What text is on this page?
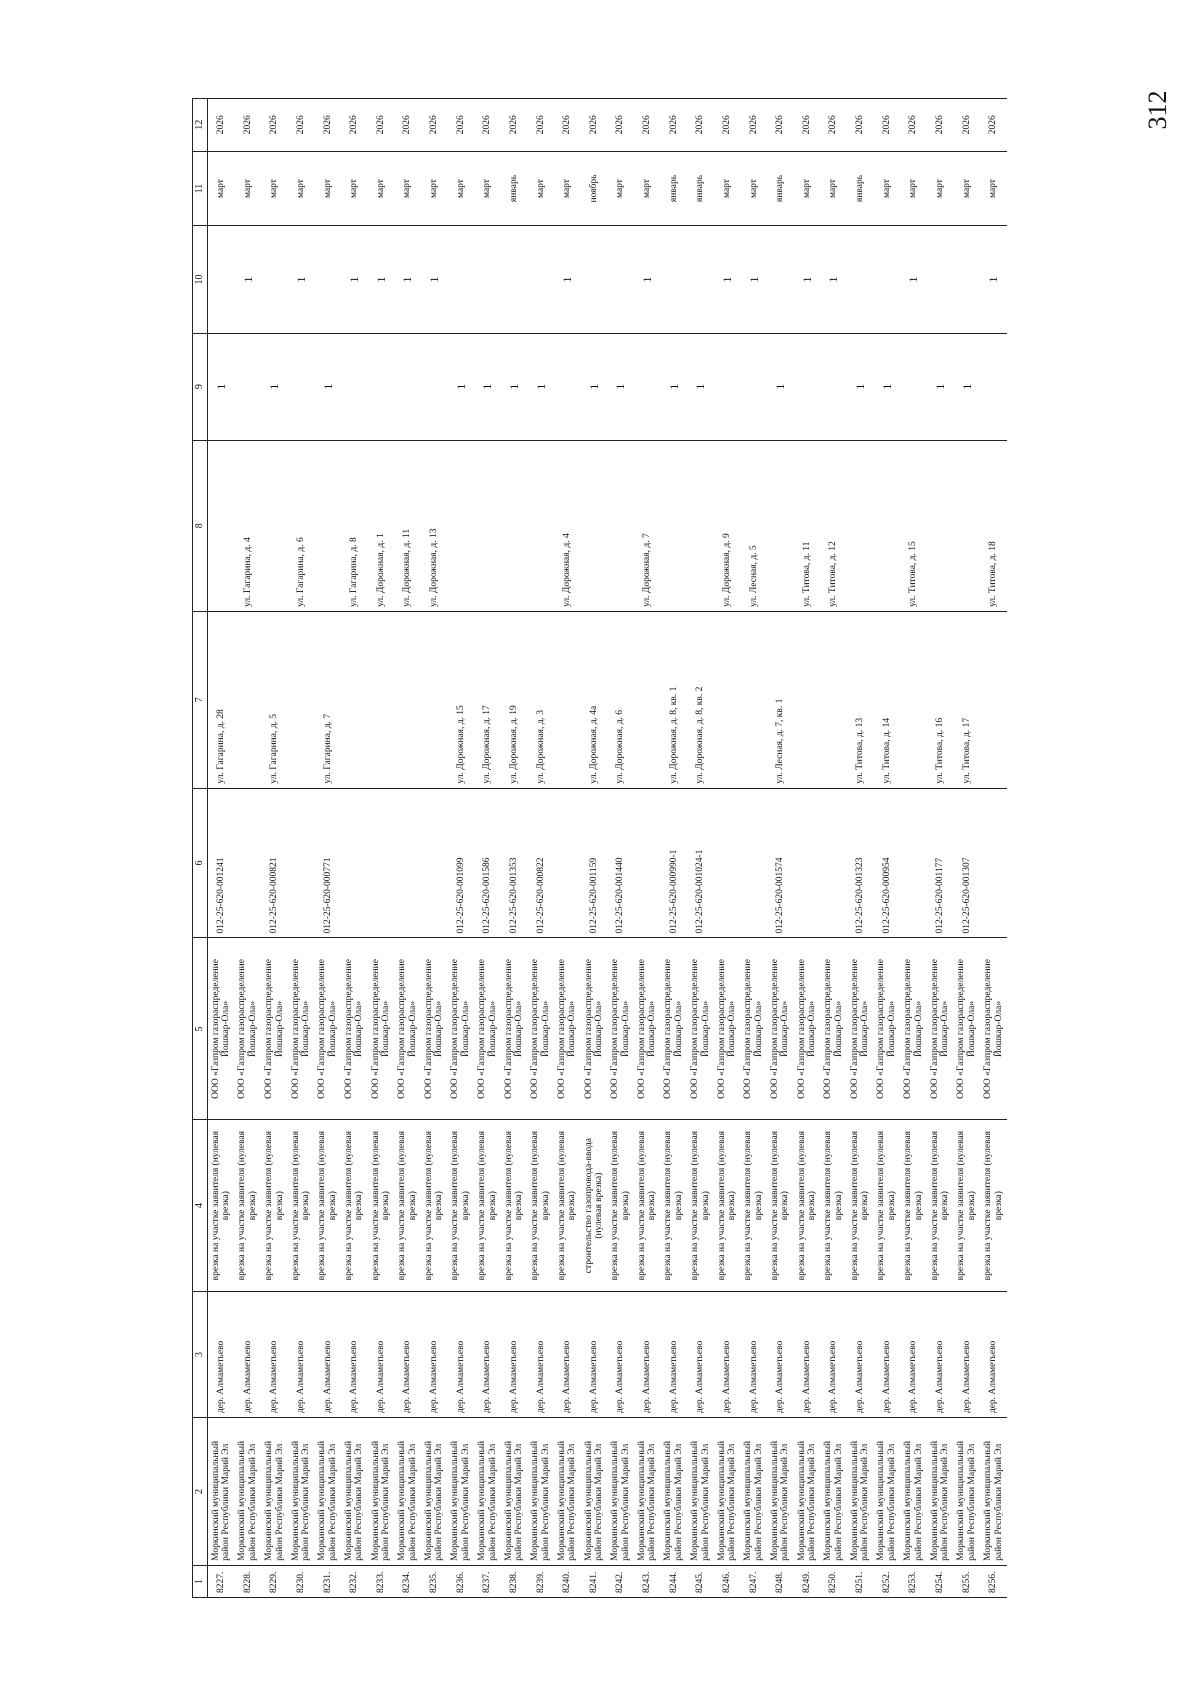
312
1	2	3	4	5	6	7	8	9	10	11	12
8227.	Моркинский муниципальный район Республики Марий Эл	дер. Алмаметьево	врезка на участке заявителя (нулевая врезка)	ООО «Газпром газораспределение Йошкар-Ола»	012-25-620-001241	ул. Гагарина, д. 28		1		март	2026
8228.	Моркинский муниципальный район Республики Марий Эл	дер. Алмаметьево	врезка на участке заявителя (нулевая врезка)	ООО «Газпром газораспределение Йошкар-Ола»			ул. Гагарина, д. 4		1	март	2026
8229.	Моркинский муниципальный район Республики Марий Эл	дер. Алмаметьево	врезка на участке заявителя (нулевая врезка)	ООО «Газпром газораспределение Йошкар-Ола»	012-25-620-000821	ул. Гагарина, д. 5		1		март	2026
8230.	Моркинский муниципальный район Республики Марий Эл	дер. Алмаметьево	врезка на участке заявителя (нулевая врезка)	ООО «Газпром газораспределение Йошкар-Ола»			ул. Гагарина, д. 6		1	март	2026
8231.	Моркинский муниципальный район Республики Марий Эл	дер. Алмаметьево	врезка на участке заявителя (нулевая врезка)	ООО «Газпром газораспределение Йошкар-Ола»	012-25-620-000771	ул. Гагарина, д. 7		1		март	2026
8232.	Моркинский муниципальный район Республики Марий Эл	дер. Алмаметьево	врезка на участке заявителя (нулевая врезка)	ООО «Газпром газораспределение Йошкар-Ола»			ул. Гагарина, д. 8		1	март	2026
8233.	Моркинский муниципальный район Республики Марий Эл	дер. Алмаметьево	врезка на участке заявителя (нулевая врезка)	ООО «Газпром газораспределение Йошкар-Ола»			ул. Дорожная, д. 1		1	март	2026
8234.	Моркинский муниципальный район Республики Марий Эл	дер. Алмаметьево	врезка на участке заявителя (нулевая врезка)	ООО «Газпром газораспределение Йошкар-Ола»			ул. Дорожная, д. 11		1	март	2026
8235.	Моркинский муниципальный район Республики Марий Эл	дер. Алмаметьево	врезка на участке заявителя (нулевая врезка)	ООО «Газпром газораспределение Йошкар-Ола»			ул. Дорожная, д. 13		1	март	2026
8236.	Моркинский муниципальный район Республики Марий Эл	дер. Алмаметьево	врезка на участке заявителя (нулевая врезка)	ООО «Газпром газораспределение Йошкар-Ола»	012-25-620-001099	ул. Дорожная, д. 15		1		март	2026
8237.	Моркинский муниципальный район Республики Марий Эл	дер. Алмаметьево	врезка на участке заявителя (нулевая врезка)	ООО «Газпром газораспределение Йошкар-Ола»	012-25-620-001586	ул. Дорожная, д. 17		1		март	2026
8238.	Моркинский муниципальный район Республики Марий Эл	дер. Алмаметьево	врезка на участке заявителя (нулевая врезка)	ООО «Газпром газораспределение Йошкар-Ола»	012-25-620-001353	ул. Дорожная, д. 19		1		январь	2026
8239.	Моркинский муниципальный район Республики Марий Эл	дер. Алмаметьево	врезка на участке заявителя (нулевая врезка)	ООО «Газпром газораспределение Йошкар-Ола»	012-25-620-000822	ул. Дорожная, д. 3		1		март	2026
8240.	Моркинский муниципальный район Республики Марий Эл	дер. Алмаметьево	врезка на участке заявителя (нулевая врезка)	ООО «Газпром газораспределение Йошкар-Ола»			ул. Дорожная, д. 4		1	март	2026
8241.	Моркинский муниципальный район Республики Марий Эл	дер. Алмаметьево	строительство газопровода-ввода (нулевая врезка)	ООО «Газпром газораспределение Йошкар-Ола»	012-25-620-001159	ул. Дорожная, д. 4а		1		ноябрь	2026
8242.	Моркинский муниципальный район Республики Марий Эл	дер. Алмаметьево	врезка на участке заявителя (нулевая врезка)	ООО «Газпром газораспределение Йошкар-Ола»	012-25-620-001440	ул. Дорожная, д. 6		1		март	2026
8243.	Моркинский муниципальный район Республики Марий Эл	дер. Алмаметьево	врезка на участке заявителя (нулевая врезка)	ООО «Газпром газораспределение Йошкар-Ола»			ул. Дорожная, д. 7		1	март	2026
8244.	Моркинский муниципальный район Республики Марий Эл	дер. Алмаметьево	врезка на участке заявителя (нулевая врезка)	ООО «Газпром газораспределение Йошкар-Ола»	012-25-620-000990-1	ул. Дорожная, д. 8, кв. 1		1		январь	2026
8245.	Моркинский муниципальный район Республики Марий Эл	дер. Алмаметьево	врезка на участке заявителя (нулевая врезка)	ООО «Газпром газораспределение Йошкар-Ола»	012-25-620-001024-1	ул. Дорожная, д. 8, кв. 2		1		январь	2026
8246.	Моркинский муниципальный район Республики Марий Эл	дер. Алмаметьево	врезка на участке заявителя (нулевая врезка)	ООО «Газпром газораспределение Йошкар-Ола»			ул. Дорожная, д. 9		1	март	2026
8247.	Моркинский муниципальный район Республики Марий Эл	дер. Алмаметьево	врезка на участке заявителя (нулевая врезка)	ООО «Газпром газораспределение Йошкар-Ола»			ул. Лесная, д. 5		1	март	2026
8248.	Моркинский муниципальный район Республики Марий Эл	дер. Алмаметьево	врезка на участке заявителя (нулевая врезка)	ООО «Газпром газораспределение Йошкар-Ола»	012-25-620-001574	ул. Лесная, д. 7, кв. 1		1		январь	2026
8249.	Моркинский муниципальный район Республики Марий Эл	дер. Алмаметьево	врезка на участке заявителя (нулевая врезка)	ООО «Газпром газораспределение Йошкар-Ола»			ул. Титова, д. 11		1	март	2026
8250.	Моркинский муниципальный район Республики Марий Эл	дер. Алмаметьево	врезка на участке заявителя (нулевая врезка)	ООО «Газпром газораспределение Йошкар-Ола»			ул. Титова, д. 12		1	март	2026
8251.	Моркинский муниципальный район Республики Марий Эл	дер. Алмаметьево	врезка на участке заявителя (нулевая врезка)	ООО «Газпром газораспределение Йошкар-Ола»	012-25-620-001323	ул. Титова, д. 13		1		январь	2026
8252.	Моркинский муниципальный район Республики Марий Эл	дер. Алмаметьево	врезка на участке заявителя (нулевая врезка)	ООО «Газпром газораспределение Йошкар-Ола»	012-25-620-000954	ул. Титова, д. 14		1		март	2026
8253.	Моркинский муниципальный район Республики Марий Эл	дер. Алмаметьево	врезка на участке заявителя (нулевая врезка)	ООО «Газпром газораспределение Йошкар-Ола»			ул. Титова, д. 15		1	март	2026
8254.	Моркинский муниципальный район Республики Марий Эл	дер. Алмаметьево	врезка на участке заявителя (нулевая врезка)	ООО «Газпром газораспределение Йошкар-Ола»	012-25-620-001177	ул. Титова, д. 16		1		март	2026
8255.	Моркинский муниципальный район Республики Марий Эл	дер. Алмаметьево	врезка на участке заявителя (нулевая врезка)	ООО «Газпром газораспределение Йошкар-Ола»	012-25-620-001307	ул. Титова, д. 17		1		март	2026
8256.	Моркинский муниципальный район Республики Марий Эл	дер. Алмаметьево	врезка на участке заявителя (нулевая врезка)	ООО «Газпром газораспределение Йошкар-Ола»			ул. Титова, д. 18		1	март	2026
